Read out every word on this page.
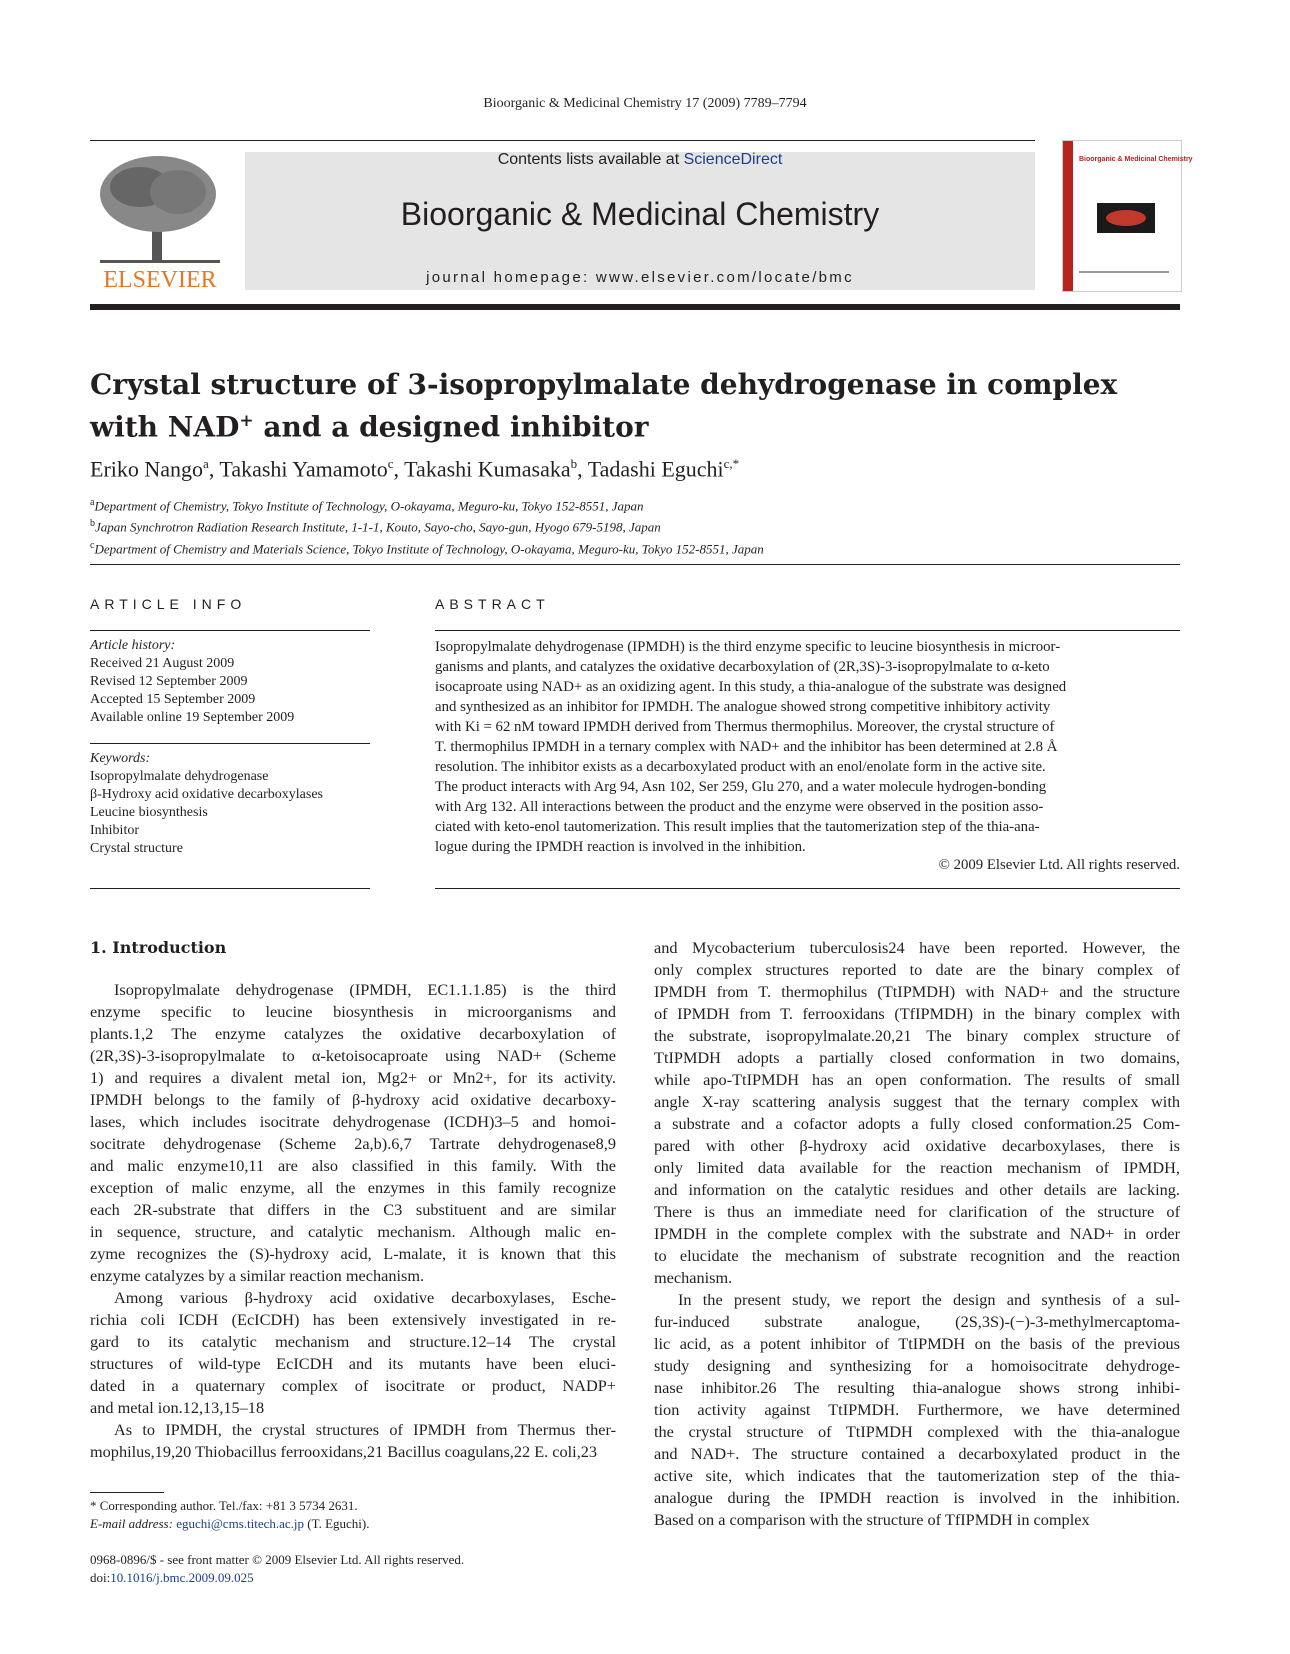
Bioorganic & Medicinal Chemistry 17 (2009) 7789–7794
ELSEVIER
Contents lists available at ScienceDirect
Bioorganic & Medicinal Chemistry
journal homepage: www.elsevier.com/locate/bmc
Bioorganic & Medicinal Chemistry
Crystal structure of 3-isopropylmalate dehydrogenase in complex
with NAD+ and a designed inhibitor
Eriko Nango$^a$, Takashi Yamamoto$^c$, Takashi Kumasaka$^b$, Tadashi Eguchi$^{c,*}$
$^a$Department of Chemistry, Tokyo Institute of Technology, O-okayama, Meguro-ku, Tokyo 152-8551, Japan
$^b$Japan Synchrotron Radiation Research Institute, 1-1-1, Kouto, Sayo-cho, Sayo-gun, Hyogo 679-5198, Japan
$^c$Department of Chemistry and Materials Science, Tokyo Institute of Technology, O-okayama, Meguro-ku, Tokyo 152-8551, Japan
ARTICLE INFO	ABSTRACT
Article history:
Received 21 August 2009
Revised 12 September 2009
Accepted 15 September 2009
Available online 19 September 2009
Keywords:
Isopropylmalate dehydrogenase
β-Hydroxy acid oxidative decarboxylases
Leucine biosynthesis
Inhibitor
Crystal structure
Isopropylmalate dehydrogenase (IPMDH) is the third enzyme specific to leucine biosynthesis in microor-
ganisms and plants, and catalyzes the oxidative decarboxylation of (2R,3S)-3-isopropylmalate to α-keto
isocaproate using NAD+ as an oxidizing agent. In this study, a thia-analogue of the substrate was designed
and synthesized as an inhibitor for IPMDH. The analogue showed strong competitive inhibitory activity
with Ki = 62 nM toward IPMDH derived from Thermus thermophilus. Moreover, the crystal structure of
T. thermophilus IPMDH in a ternary complex with NAD+ and the inhibitor has been determined at 2.8 Å
resolution. The inhibitor exists as a decarboxylated product with an enol/enolate form in the active site.
The product interacts with Arg 94, Asn 102, Ser 259, Glu 270, and a water molecule hydrogen-bonding
with Arg 132. All interactions between the product and the enzyme were observed in the position asso-
ciated with keto-enol tautomerization. This result implies that the tautomerization step of the thia-ana-
logue during the IPMDH reaction is involved in the inhibition.
© 2009 Elsevier Ltd. All rights reserved.

1. Introduction

Isopropylmalate dehydrogenase (IPMDH, EC1.1.1.85) is the third
enzyme specific to leucine biosynthesis in microorganisms and
plants.1,2 The enzyme catalyzes the oxidative decarboxylation of
(2R,3S)-3-isopropylmalate to α-ketoisocaproate using NAD+ (Scheme
1) and requires a divalent metal ion, Mg2+ or Mn2+, for its activity.
IPMDH belongs to the family of β-hydroxy acid oxidative decarboxy-
lases, which includes isocitrate dehydrogenase (ICDH)3–5 and homoi-
socitrate dehydrogenase (Scheme 2a,b).6,7 Tartrate dehydrogenase8,9
and malic enzyme10,11 are also classified in this family. With the
exception of malic enzyme, all the enzymes in this family recognize
each 2R-substrate that differs in the C3 substituent and are similar
in sequence, structure, and catalytic mechanism. Although malic en-
zyme recognizes the (S)-hydroxy acid, L-malate, it is known that this
enzyme catalyzes by a similar reaction mechanism.
Among various β-hydroxy acid oxidative decarboxylases, Esche-
richia coli ICDH (EcICDH) has been extensively investigated in re-
gard to its catalytic mechanism and structure.12–14 The crystal
structures of wild-type EcICDH and its mutants have been eluci-
dated in a quaternary complex of isocitrate or product, NADP+
and metal ion.12,13,15–18
As to IPMDH, the crystal structures of IPMDH from Thermus ther-
mophilus,19,20 Thiobacillus ferrooxidans,21 Bacillus coagulans,22 E. coli,23
and Mycobacterium tuberculosis24 have been reported. However, the
only complex structures reported to date are the binary complex of
IPMDH from T. thermophilus (TtIPMDH) with NAD+ and the structure
of IPMDH from T. ferrooxidans (TfIPMDH) in the binary complex with
the substrate, isopropylmalate.20,21 The binary complex structure of
TtIPMDH adopts a partially closed conformation in two domains,
while apo-TtIPMDH has an open conformation. The results of small
angle X-ray scattering analysis suggest that the ternary complex with
a substrate and a cofactor adopts a fully closed conformation.25 Com-
pared with other β-hydroxy acid oxidative decarboxylases, there is
only limited data available for the reaction mechanism of IPMDH,
and information on the catalytic residues and other details are lacking.
There is thus an immediate need for clarification of the structure of
IPMDH in the complete complex with the substrate and NAD+ in order
to elucidate the mechanism of substrate recognition and the reaction
mechanism.
In the present study, we report the design and synthesis of a sul-
fur-induced substrate analogue, (2S,3S)-(−)-3-methylmercaptoma-
lic acid, as a potent inhibitor of TtIPMDH on the basis of the previous
study designing and synthesizing for a homoisocitrate dehydroge-
nase inhibitor.26 The resulting thia-analogue shows strong inhibi-
tion activity against TtIPMDH. Furthermore, we have determined
the crystal structure of TtIPMDH complexed with the thia-analogue
and NAD+. The structure contained a decarboxylated product in the
active site, which indicates that the tautomerization step of the thia-
analogue during the IPMDH reaction is involved in the inhibition.
Based on a comparison with the structure of TfIPMDH in complex
* Corresponding author. Tel./fax: +81 3 5734 2631.
E-mail address: eguchi@cms.titech.ac.jp (T. Eguchi).
0968-0896/$ - see front matter © 2009 Elsevier Ltd. All rights reserved.
doi:10.1016/j.bmc.2009.09.025
